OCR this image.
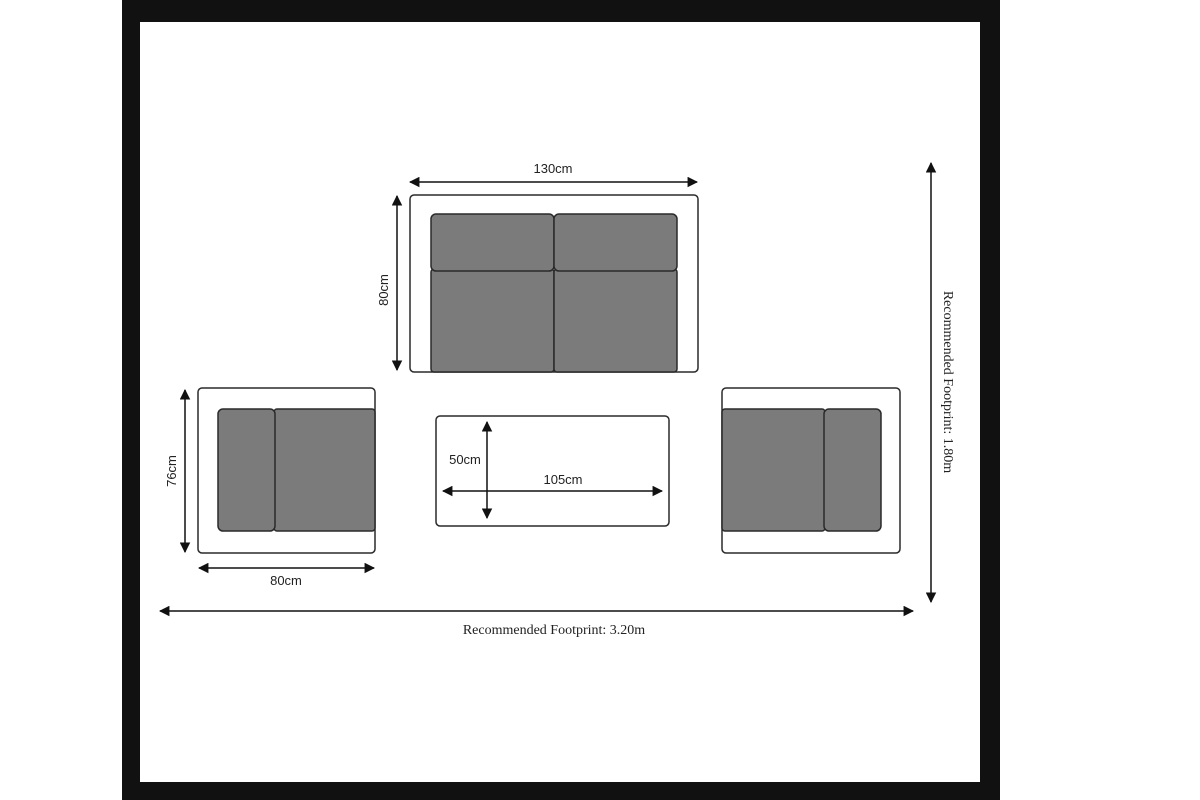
130cm
80cm
76cm
80cm
50cm
105cm
Recommended Footprint: 3.20m
Recommended Footprint: 1.80m
